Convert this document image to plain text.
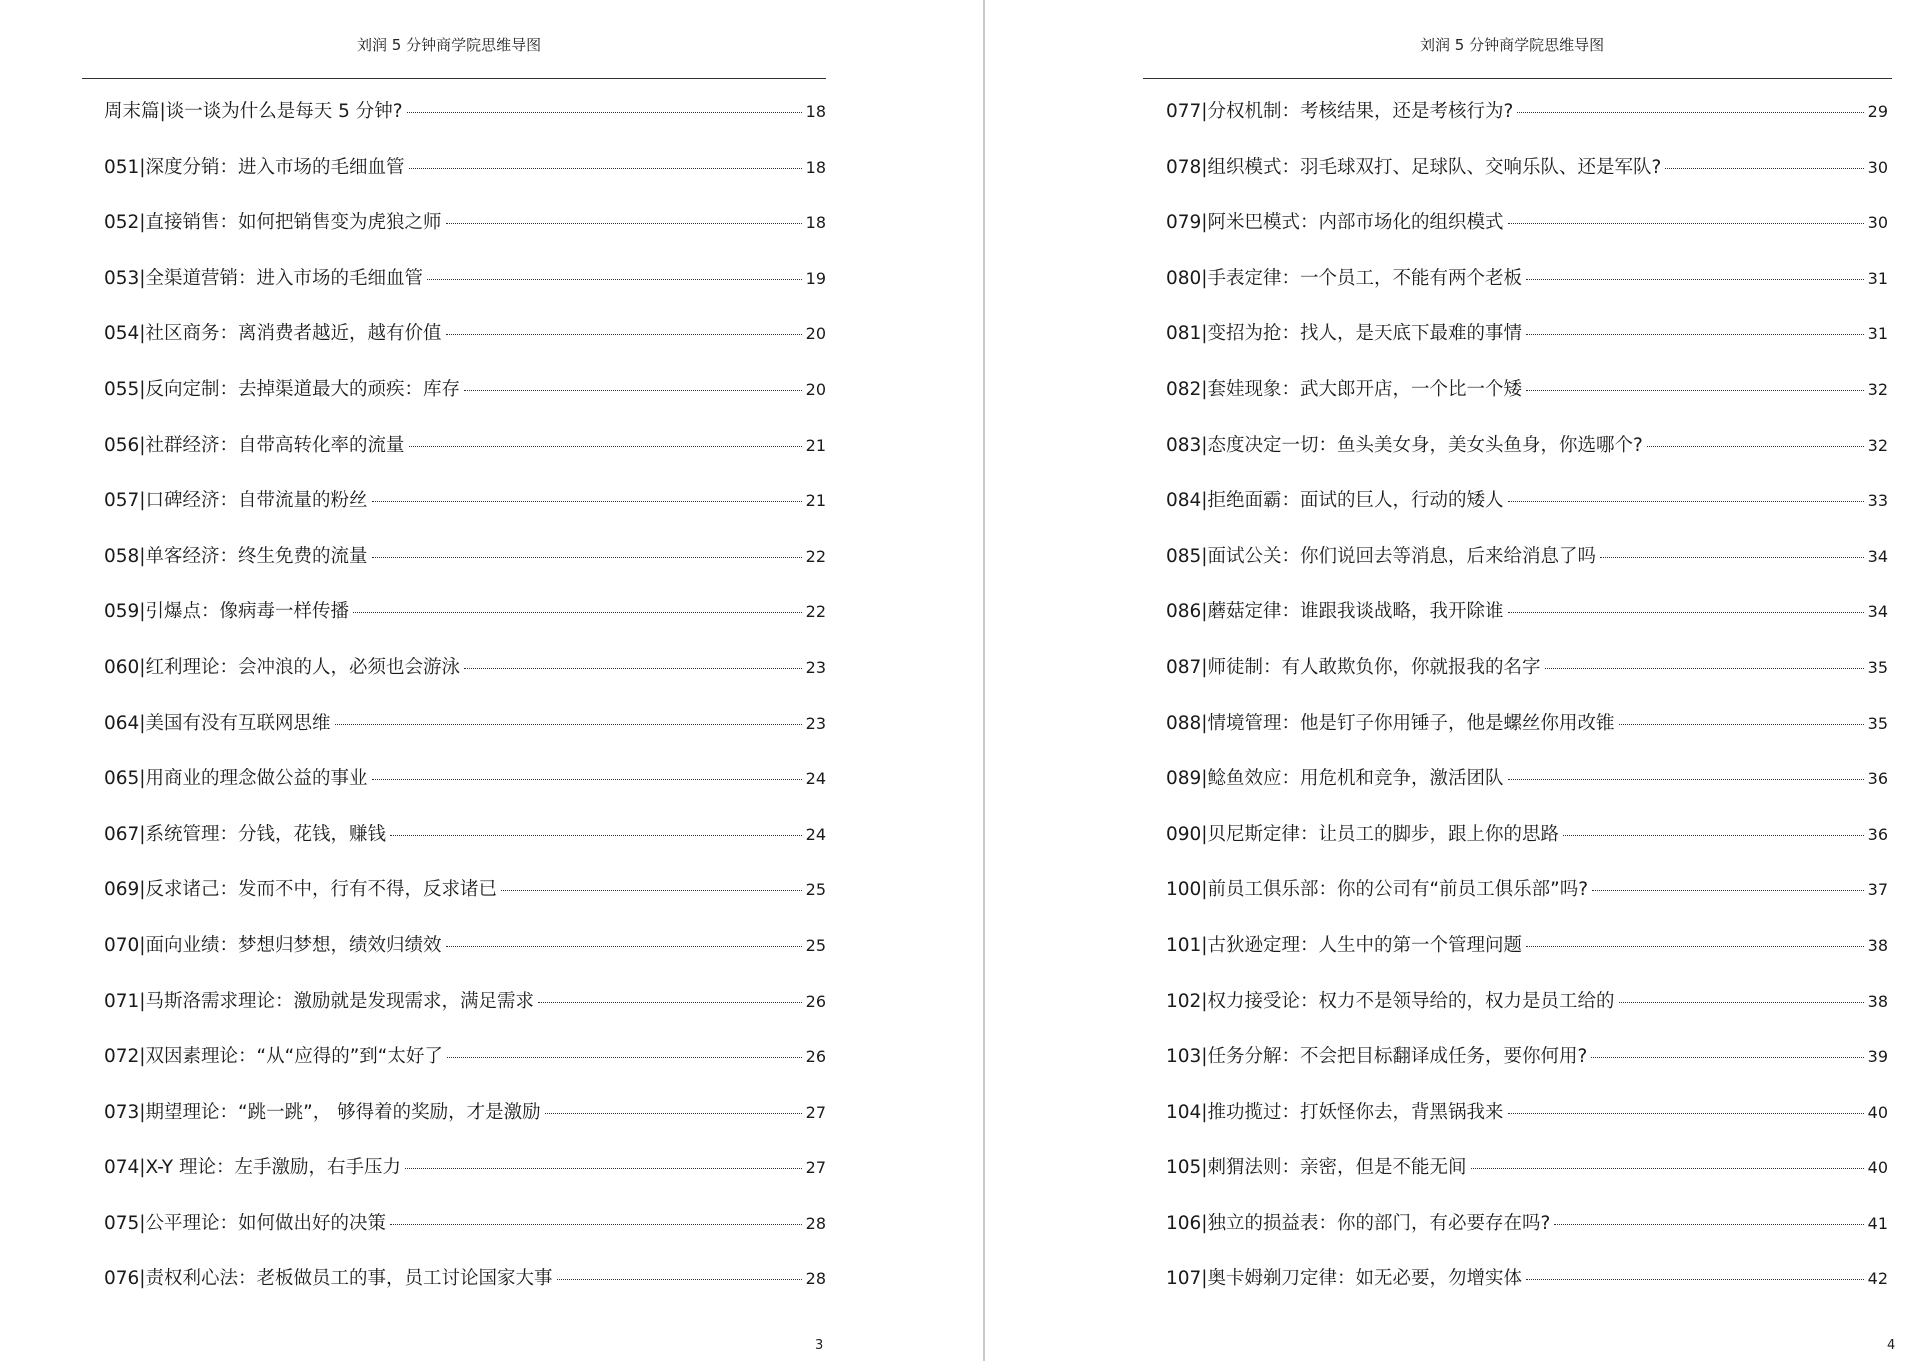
刘润 5 分钟商学院思维导图
周末篇|谈一谈为什么是每天 5 分钟?	18
051|深度分销：进入市场的毛细血管	18
052|直接销售：如何把销售变为虎狼之师	18
053|全渠道营销：进入市场的毛细血管	19
054|社区商务：离消费者越近，越有价值	20
055|反向定制：去掉渠道最大的顽疾：库存	20
056|社群经济：自带高转化率的流量	21
057|口碑经济：自带流量的粉丝	21
058|单客经济：终生免费的流量	22
059|引爆点：像病毒一样传播	22
060|红利理论：会冲浪的人，必须也会游泳	23
064|美国有没有互联网思维	23
065|用商业的理念做公益的事业	24
067|系统管理：分钱，花钱，赚钱	24
069|反求诸己：发而不中，行有不得，反求诸已	25
070|面向业绩：梦想归梦想，绩效归绩效	25
071|马斯洛需求理论：激励就是发现需求，满足需求	26
072|双因素理论：“从“应得的”到“太好了	26
073|期望理论：“跳一跳”， 够得着的奖励，才是激励	27
074|X-Y 理论：左手激励，右手压力	27
075|公平理论：如何做出好的决策	28
076|责权利心法：老板做员工的事，员工讨论国家大事	28
3
刘润 5 分钟商学院思维导图
077|分权机制：考核结果，还是考核行为?	29
078|组织模式：羽毛球双打、足球队、交响乐队、还是军队?	30
079|阿米巴模式：内部市场化的组织模式	30
080|手表定律：一个员工，不能有两个老板	31
081|变招为抢：找人，是天底下最难的事情	31
082|套娃现象：武大郎开店，一个比一个矮	32
083|态度决定一切：鱼头美女身，美女头鱼身，你选哪个?	32
084|拒绝面霸：面试的巨人，行动的矮人	33
085|面试公关：你们说回去等消息，后来给消息了吗	34
086|蘑菇定律：谁跟我谈战略，我开除谁	34
087|师徒制：有人敢欺负你，你就报我的名字	35
088|情境管理：他是钉子你用锤子，他是螺丝你用改锥	35
089|鲶鱼效应：用危机和竞争，激活团队	36
090|贝尼斯定律：让员工的脚步，跟上你的思路	36
100|前员工俱乐部：你的公司有“前员工俱乐部”吗?	37
101|古狄逊定理：人生中的第一个管理问题	38
102|权力接受论：权力不是领导给的，权力是员工给的	38
103|任务分解：不会把目标翻译成任务，要你何用?	39
104|推功揽过：打妖怪你去，背黑锅我来	40
105|刺猬法则：亲密，但是不能无间	40
106|独立的损益表：你的部门，有必要存在吗?	41
107|奥卡姆剃刀定律：如无必要，勿增实体	42
4
